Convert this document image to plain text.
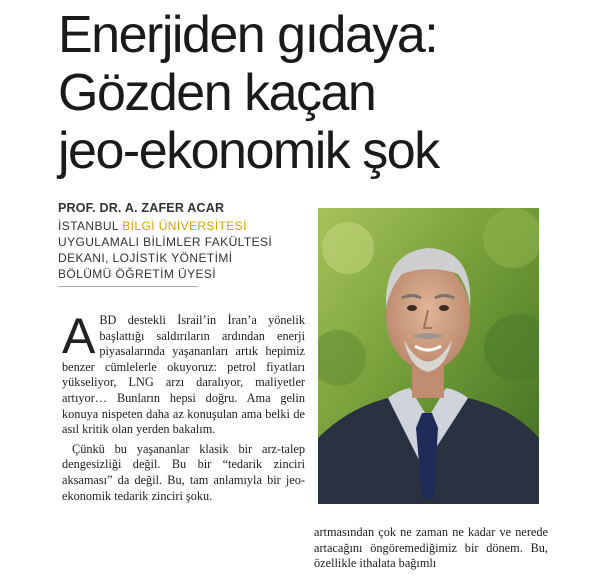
Enerjiden gıdaya:
Gözden kaçan
jeo-ekonomik şok
PROF. DR. A. ZAFER ACAR
İSTANBUL BİLGİ ÜNİVERSİTESİ
UYGULAMALI BİLİMLER FAKÜLTESİ
DEKANI, LOJİSTİK YÖNETİMİ
BÖLÜMÜ ÖĞRETİM ÜYESİ

ABD destekli İsrail’in İran’a yönelik başlattığı saldırıların ardından enerji piyasalarında yaşananları artık hepimiz benzer cümlelerle okuyoruz: petrol fiyatları yükseliyor, LNG arzı daralıyor, maliyetler artıyor… Bunların hepsi doğru. Ama gelin konuya nispeten daha az konuşulan ama belki de asıl kritik olan yerden bakalım.

Çünkü bu yaşananlar klasik bir arz-talep dengesizliği değil. Bu bir “tedarik zinciri aksaması” da değil. Bu, tam anlamıyla bir jeo-ekonomik tedarik zinciri şoku.

artmasından çok ne zaman ne kadar ve nerede artacağını öngöremediğimiz bir dönem. Bu, özellikle ithalata bağımlı
